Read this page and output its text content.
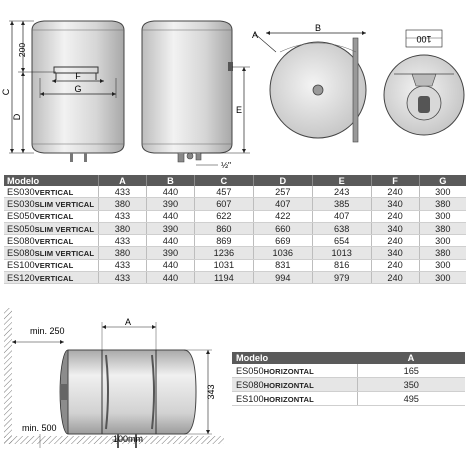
F
G
C
D
200
E
½"
B
A	100
Modelo	A	B	C	D	E	F	G
ES030VERTICAL	433	440	457	257	243	240	300
ES030SLIM VERTICAL	380	390	607	407	385	340	380
ES050VERTICAL	433	440	622	422	407	240	300
ES050SLIM VERTICAL	380	390	860	660	638	340	380
ES080VERTICAL	433	440	869	669	654	240	300
ES080SLIM VERTICAL	380	390	1236	1036	1013	340	380
ES100VERTICAL	433	440	1031	831	816	240	300
ES120VERTICAL	433	440	1194	994	979	240	300
min. 250
A
343
100mm
min. 500
Modelo	A
ES050HORIZONTAL	165
ES080HORIZONTAL	350
ES100HORIZONTAL	495
